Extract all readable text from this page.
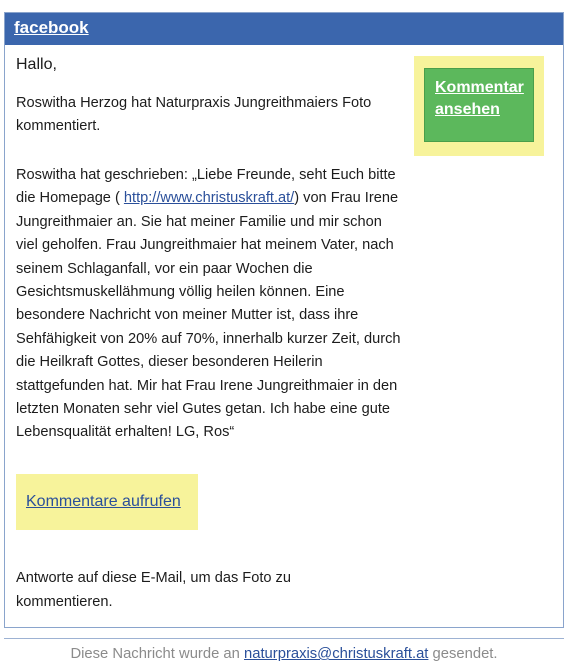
facebook

Hallo,

Roswitha Herzog hat Naturpraxis Jungreithmaiers Foto kommentiert.

Roswitha hat geschrieben: „Liebe Freunde, seht Euch bitte die Homepage ( http://www.christuskraft.at/) von Frau Irene Jungreithmaier an. Sie hat meiner Familie und mir schon viel geholfen. Frau Jungreithmaier hat meinem Vater, nach seinem Schlaganfall, vor ein paar Wochen die Gesichtsmuskellähmung völlig heilen können. Eine besondere Nachricht von meiner Mutter ist, dass ihre Sehfähigkeit von 20% auf 70%, innerhalb kurzer Zeit, durch die Heilkraft Gottes, dieser besonderen Heilerin stattgefunden hat. Mir hat Frau Irene Jungreithmaier in den letzten Monaten sehr viel Gutes getan. Ich habe eine gute Lebensqualität erhalten! LG, Ros“

Kommentar ansehen
Kommentare aufrufen

Antworte auf diese E-Mail, um das Foto zu kommentieren.

Diese Nachricht wurde an naturpraxis@christuskraft.at gesendet.
